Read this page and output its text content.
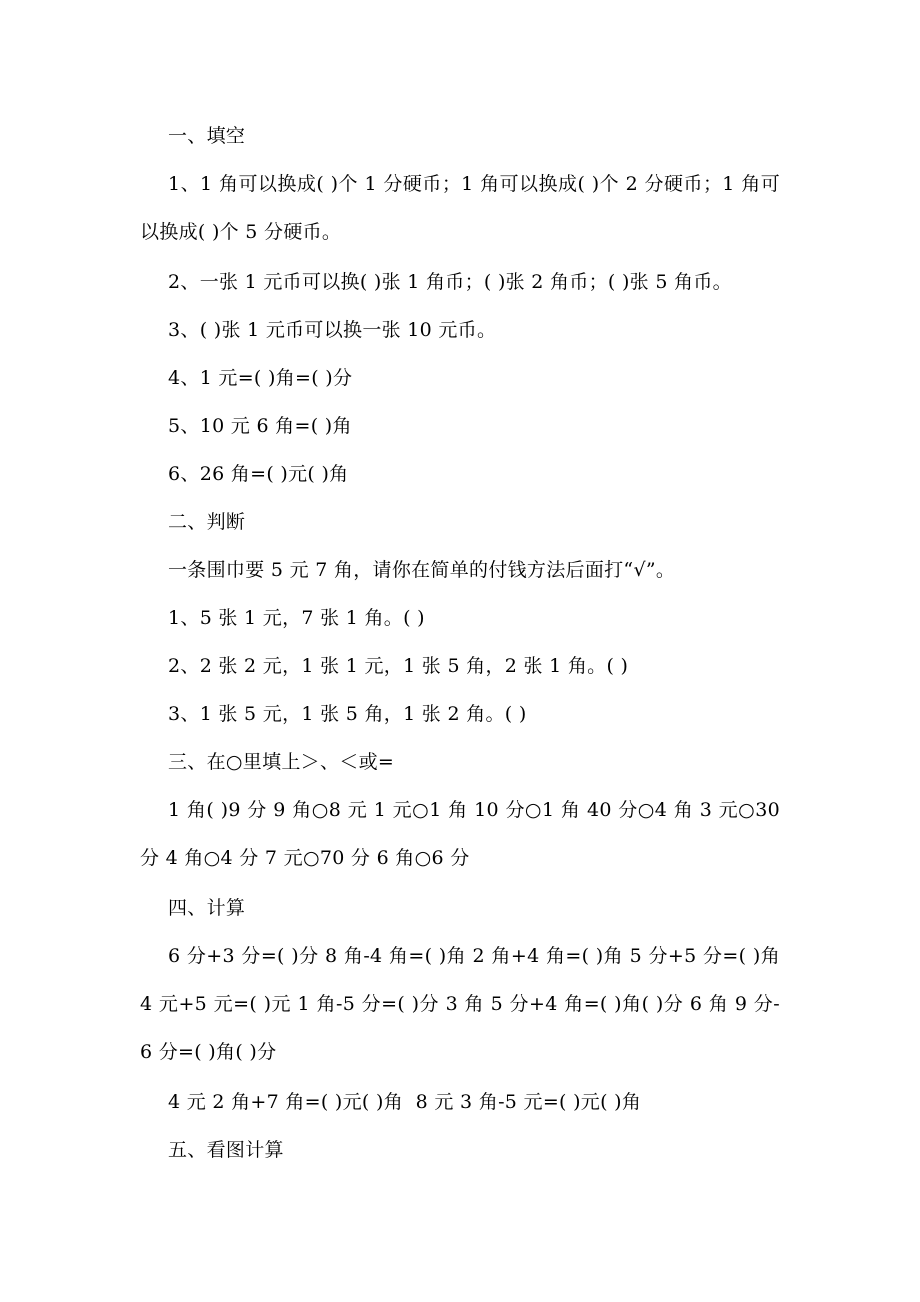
一、填空
1、1 角可以换成( )个 1 分硬币；1 角可以换成( )个 2 分硬币；1 角可以换成( )个 5 分硬币。
2、一张 1 元币可以换( )张 1 角币；( )张 2 角币；( )张 5 角币。
3、( )张 1 元币可以换一张 10 元币。
4、1 元=( )角=( )分
5、10 元 6 角=( )角
6、26 角=( )元( )角
二、判断
一条围巾要 5 元 7 角，请你在简单的付钱方法后面打“√”。
1、5 张 1 元，7 张 1 角。( )
2、2 张 2 元，1 张 1 元，1 张 5 角，2 张 1 角。( )
3、1 张 5 元，1 张 5 角，1 张 2 角。( )
三、在○里填上＞、＜或=
1 角( )9 分 9 角○8 元 1 元○1 角 10 分○1 角 40 分○4 角 3 元○30 分 4 角○4 分 7 元○70 分 6 角○6 分
四、计算
6 分+3 分=( )分 8 角-4 角=( )角 2 角+4 角=( )角 5 分+5 分=( )角 4 元+5 元=( )元 1 角-5 分=( )分 3 角 5 分+4 角=( )角( )分 6 角 9 分-6 分=( )角( )分
4 元 2 角+7 角=( )元( )角  8 元 3 角-5 元=( )元( )角
五、看图计算
